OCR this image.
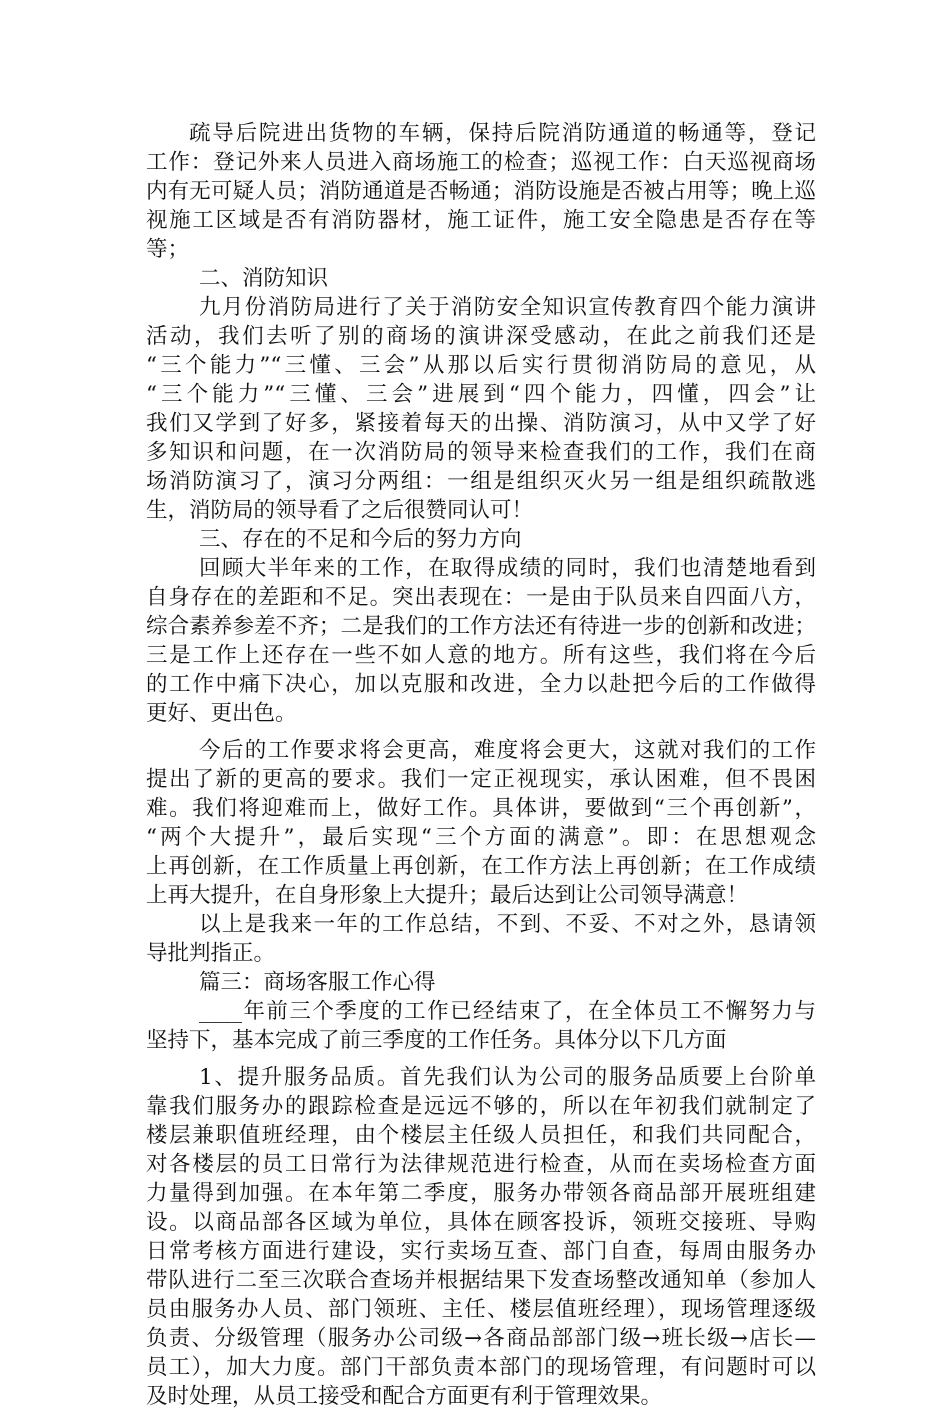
疏导后院进出货物的车辆，保持后院消防通道的畅通等，登记
工作：登记外来人员进入商场施工的检查；巡视工作：白天巡视商场
内有无可疑人员；消防通道是否畅通；消防设施是否被占用等；晚上巡
视施工区域是否有消防器材，施工证件，施工安全隐患是否存在等
等；
二、消防知识
九月份消防局进行了关于消防安全知识宣传教育四个能力演讲
活动，我们去听了别的商场的演讲深受感动，在此之前我们还是
“三个能力”“三懂、三会”从那以后实行贯彻消防局的意见，从
“三个能力”“三懂、三会”进展到“四个能力，四懂，四会”让
我们又学到了好多，紧接着每天的出操、消防演习，从中又学了好
多知识和问题，在一次消防局的领导来检查我们的工作，我们在商
场消防演习了，演习分两组：一组是组织灭火另一组是组织疏散逃
生，消防局的领导看了之后很赞同认可！
三、存在的不足和今后的努力方向
回顾大半年来的工作，在取得成绩的同时，我们也清楚地看到
自身存在的差距和不足。突出表现在：一是由于队员来自四面八方，
综合素养参差不齐；二是我们的工作方法还有待进一步的创新和改进；
三是工作上还存在一些不如人意的地方。所有这些，我们将在今后
的工作中痛下决心，加以克服和改进，全力以赴把今后的工作做得
更好、更出色。
今后的工作要求将会更高，难度将会更大，这就对我们的工作
提出了新的更高的要求。我们一定正视现实，承认困难，但不畏困
难。我们将迎难而上，做好工作。具体讲，要做到“三个再创新”，
“两个大提升”，最后实现“三个方面的满意”。即：在思想观念
上再创新，在工作质量上再创新，在工作方法上再创新；在工作成绩
上再大提升，在自身形象上大提升；最后达到让公司领导满意！
以上是我来一年的工作总结，不到、不妥、不对之外，恳请领
导批判指正。
篇三：商场客服工作心得
____年前三个季度的工作已经结束了，在全体员工不懈努力与
坚持下，基本完成了前三季度的工作任务。具体分以下几方面
1、提升服务品质。首先我们认为公司的服务品质要上台阶单
靠我们服务办的跟踪检查是远远不够的，所以在年初我们就制定了
楼层兼职值班经理，由个楼层主任级人员担任，和我们共同配合，
对各楼层的员工日常行为法律规范进行检查，从而在卖场检查方面
力量得到加强。在本年第二季度，服务办带领各商品部开展班组建
设。以商品部各区域为单位，具体在顾客投诉，领班交接班、导购
日常考核方面进行建设，实行卖场互查、部门自查，每周由服务办
带队进行二至三次联合查场并根据结果下发查场整改通知单（参加人
员由服务办人员、部门领班、主任、楼层值班经理），现场管理逐级
负责、分级管理（服务办公司级→各商品部部门级→班长级→店长—
员工），加大力度。部门干部负责本部门的现场管理，有问题时可以
及时处理，从员工接受和配合方面更有利于管理效果。
